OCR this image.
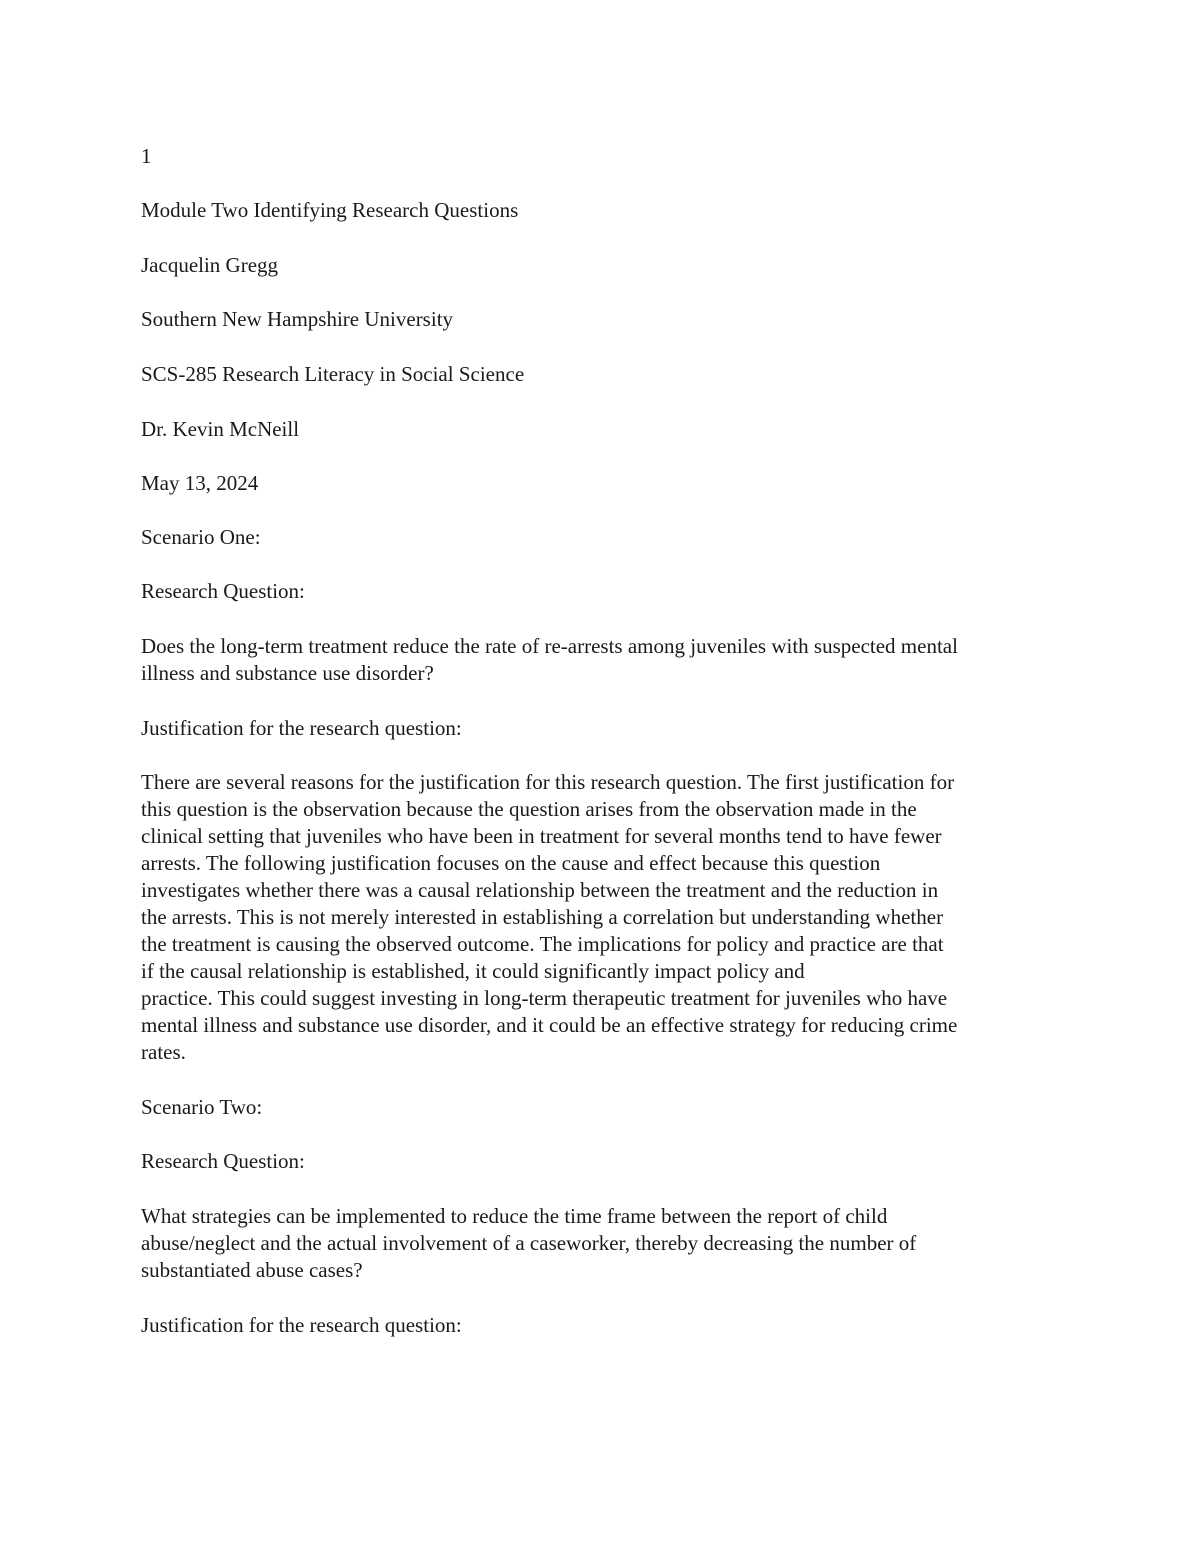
1
Module Two Identifying Research Questions
Jacquelin Gregg
Southern New Hampshire University
SCS-285 Research Literacy in Social Science
Dr. Kevin McNeill
May 13, 2024
Scenario One:
Research Question:
Does the long-term treatment reduce the rate of re-arrests among juveniles with suspected mental
illness and substance use disorder?
Justification for the research question:
There are several reasons for the justification for this research question. The first justification for
this question is the observation because the question arises from the observation made in the
clinical setting that juveniles who have been in treatment for several months tend to have fewer
arrests. The following justification focuses on the cause and effect because this question
investigates whether there was a causal relationship between the treatment and the reduction in
the arrests. This is not merely interested in establishing a correlation but understanding whether
the treatment is causing the observed outcome. The implications for policy and practice are that
if the causal relationship is established, it could significantly impact policy and
practice. This could suggest investing in long-term therapeutic treatment for juveniles who have
mental illness and substance use disorder, and it could be an effective strategy for reducing crime
rates.
Scenario Two:
Research Question:
What strategies can be implemented to reduce the time frame between the report of child
abuse/neglect and the actual involvement of a caseworker, thereby decreasing the number of
substantiated abuse cases?
Justification for the research question:
